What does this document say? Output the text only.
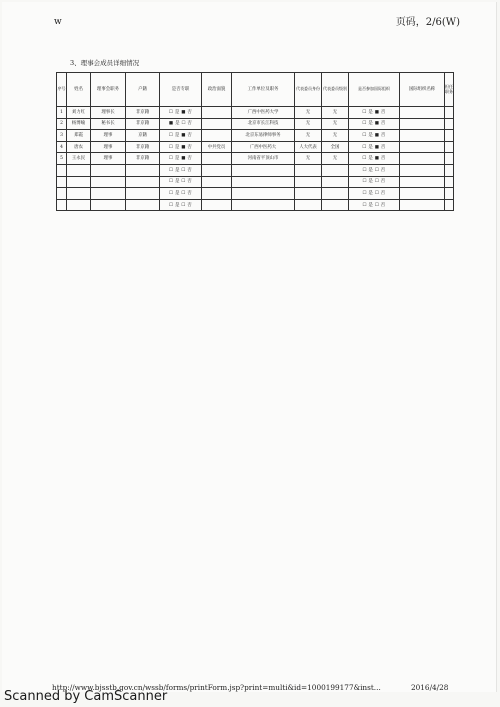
w	页码，2/6(W)
3、理事会成员详细情况
序号	姓名	理事会职务	户籍	是否专职	政治面貌	工作单位及职务	代表委员身份	代表委员级别	是否参加国际组织	国际组织名称	担任职务
1	刘力红	理事长	非京籍	☐ 是 ■ 否		广西中医药大学	无	无	☐ 是 ■ 否		
2	杨博喻	秘书长	非京籍	■ 是 ☐ 否		北京市长江科技	无	无	☐ 是 ■ 否		
3	郑霞	理事	京籍	☐ 是 ■ 否		北京东易律师事务	无	无	☐ 是 ■ 否		
4	唐农	理事	非京籍	☐ 是 ■ 否	中共党员	广西中医药大	人大代表	全国	☐ 是 ■ 否		
5	王永民	理事	非京籍	☐ 是 ■ 否		河南省平顶山市	无	无	☐ 是 ■ 否		
				☐ 是 ☐ 否					☐ 是 ☐ 否		
				☐ 是 ☐ 否					☐ 是 ☐ 否		
				☐ 是 ☐ 否					☐ 是 ☐ 否		
				☐ 是 ☐ 否					☐ 是 ☐ 否		
http://www.bjsstb.gov.cn/wssb/forms/printForm.jsp?print=multi&id=1000199177&inst...	2016/4/28
Scanned by CamScanner
